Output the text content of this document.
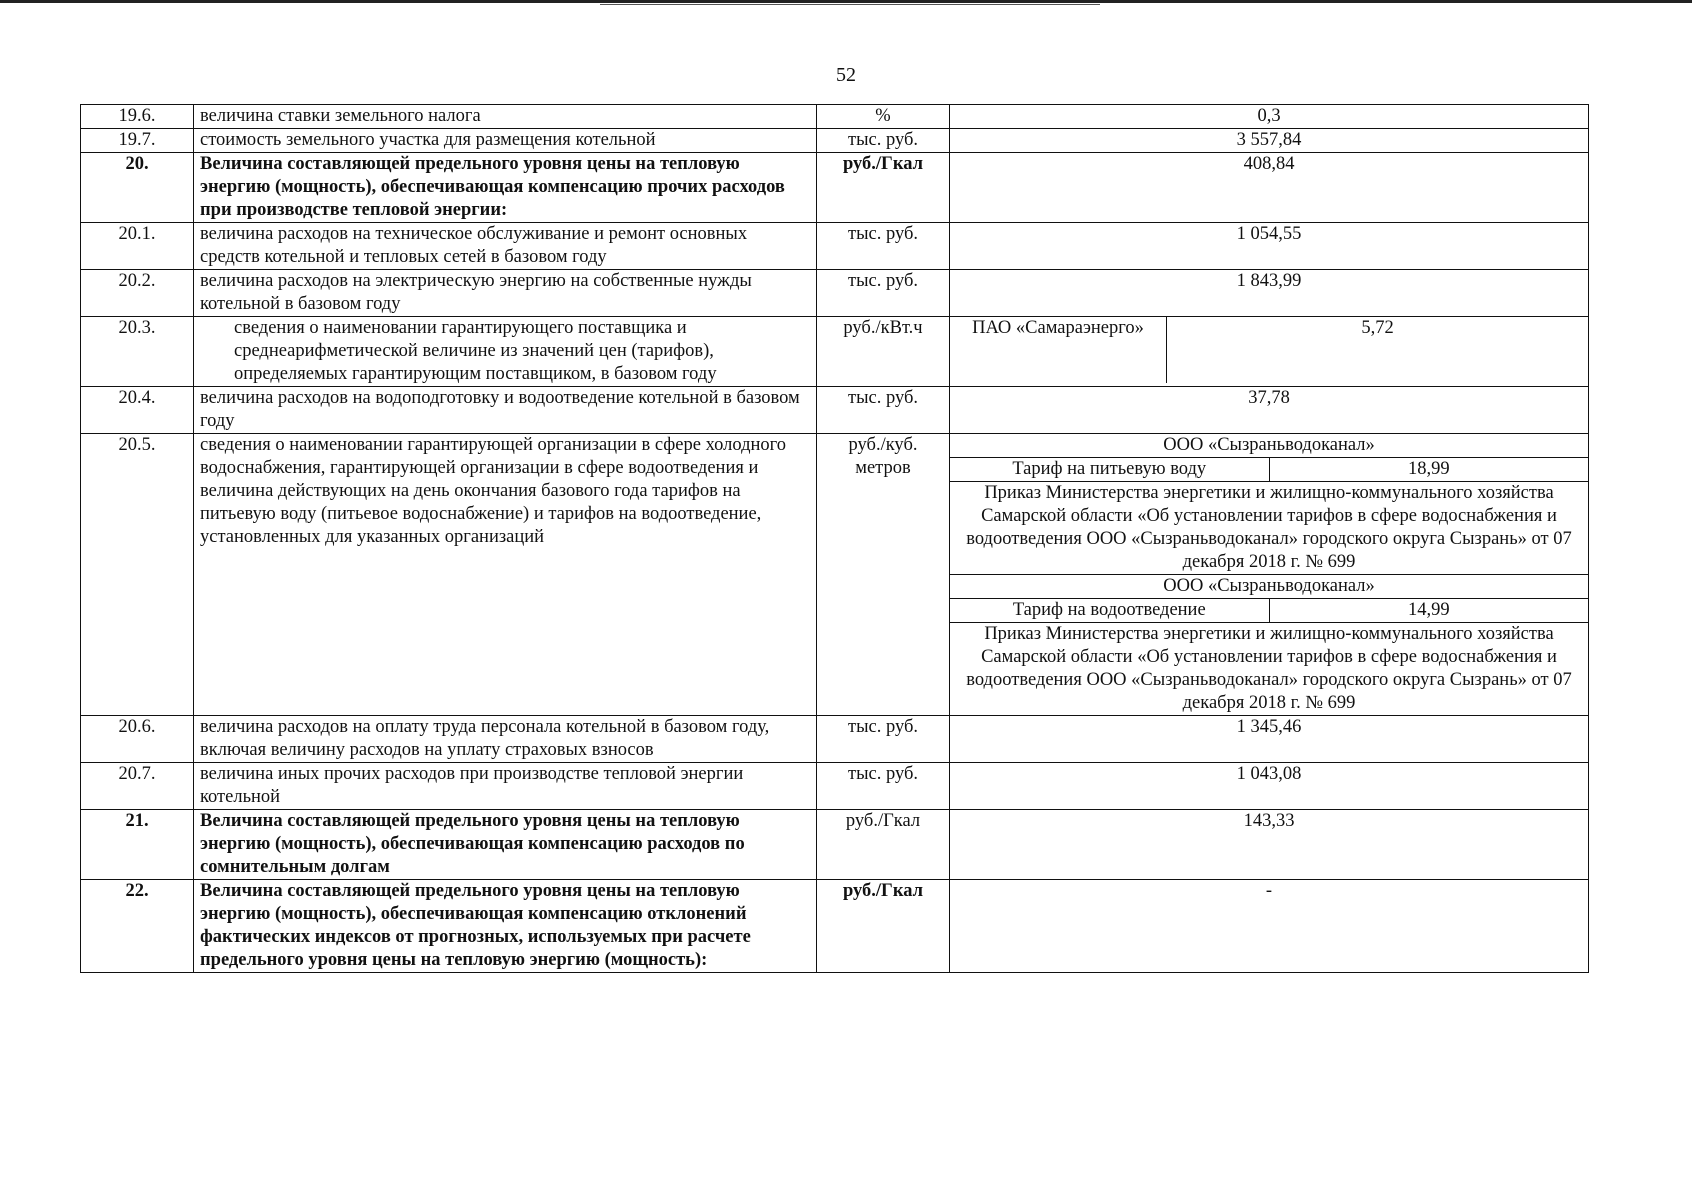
52
19.6.	величина ставки земельного налога	%	0,3
19.7.	стоимость земельного участка для размещения котельной	тыс. руб.	3 557,84
20.	Величина составляющей предельного уровня цены на тепловую энергию (мощность), обеспечивающая компенсацию прочих расходов при производстве тепловой энергии:	руб./Гкал	408,84
20.1.	величина расходов на техническое обслуживание и ремонт основных средств котельной и тепловых сетей в базовом году	тыс. руб.	1 054,55
20.2.	величина расходов на электрическую энергию на собственные нужды котельной в базовом году	тыс. руб.	1 843,99
20.3.	сведения о наименовании гарантирующего поставщика и среднеарифметической величине из значений цен (тарифов), определяемых гарантирующим поставщиком, в базовом году	руб./кВт.ч		ПАО «Самараэнерго»	5,72

20.4.	величина расходов на водоподготовку и водоотведение котельной в базовом году	тыс. руб.	37,78
20.5.	сведения о наименовании гарантирующей организации в сфере холодного водоснабжения, гарантирующей организации в сфере водоотведения и величина действующих на день окончания базового года тарифов на питьевую воду (питьевое водоснабжение) и тарифов на водоотведение, установленных для указанных организаций	руб./куб. метров	
ООО «Сызраньводоканал»
Тариф на питьевую воду	18,99
Приказ Министерства энергетики и жилищно-коммунального хозяйства Самарской области «Об установлении тарифов в сфере водоснабжения и водоотведения ООО «Сызраньводоканал» городского округа Сызрань» от 07 декабря 2018 г. № 699
ООО «Сызраньводоканал»
Тариф на водоотведение	14,99
Приказ Министерства энергетики и жилищно-коммунального хозяйства Самарской области «Об установлении тарифов в сфере водоснабжения и водоотведения ООО «Сызраньводоканал» городского округа Сызрань» от 07 декабря 2018 г. № 699

20.6.	величина расходов на оплату труда персонала котельной в базовом году, включая величину расходов на уплату страховых взносов	тыс. руб.	1 345,46
20.7.	величина иных прочих расходов при производстве тепловой энергии котельной	тыс. руб.	1 043,08
21.	Величина составляющей предельного уровня цены на тепловую энергию (мощность), обеспечивающая компенсацию расходов по сомнительным долгам	руб./Гкал	143,33
22.	Величина составляющей предельного уровня цены на тепловую энергию (мощность), обеспечивающая компенсацию отклонений фактических индексов от прогнозных, используемых при расчете предельного уровня цены на тепловую энергию (мощность):	руб./Гкал	-
